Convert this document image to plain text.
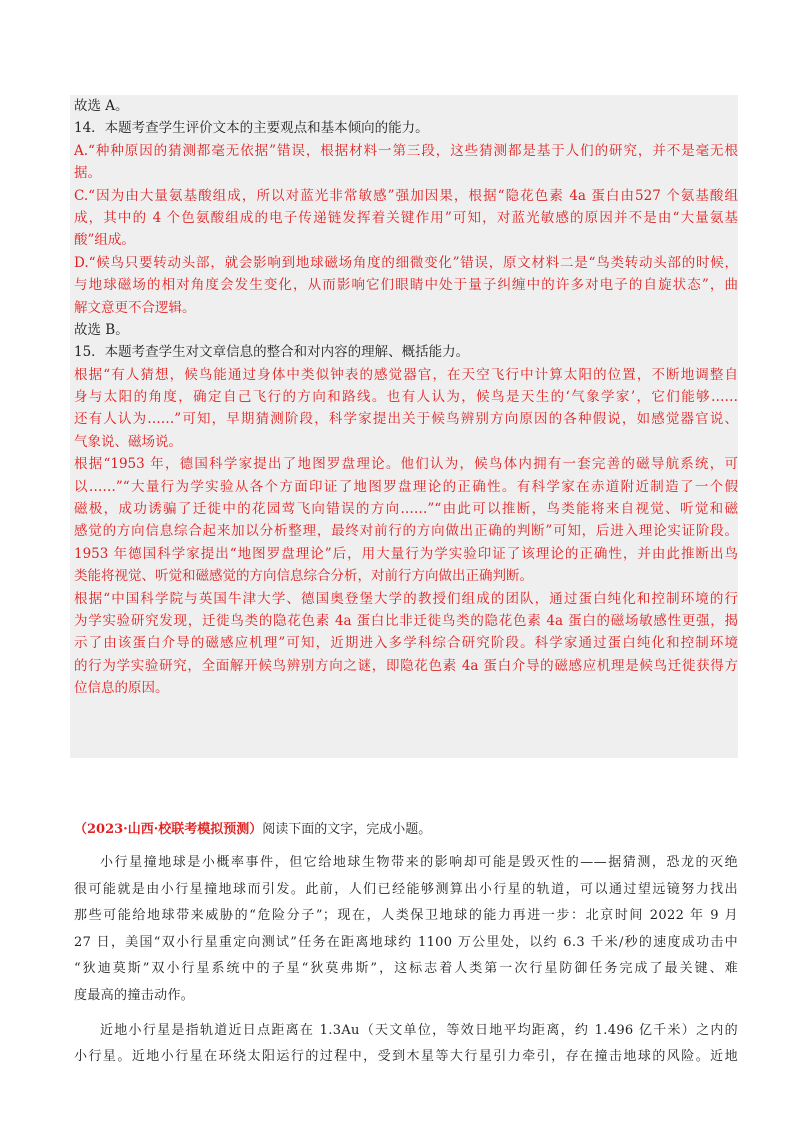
故选 A。
14．本题考查学生评价文本的主要观点和基本倾向的能力。
A.“种种原因的猜测都毫无依据”错误，根据材料一第三段，这些猜测都是基于人们的研究，并不是毫无根
据。
C.“因为由大量氨基酸组成，所以对蓝光非常敏感”强加因果，根据“隐花色素 4a 蛋白由527 个氨基酸组
成，其中的 4 个色氨酸组成的电子传递链发挥着关键作用”可知，对蓝光敏感的原因并不是由“大量氨基
酸”组成。
D.“候鸟只要转动头部，就会影响到地球磁场角度的细微变化”错误，原文材料二是“鸟类转动头部的时候，
与地球磁场的相对角度会发生变化，从而影响它们眼睛中处于量子纠缠中的许多对电子的自旋状态”，曲
解文意更不合逻辑。
故选 B。
15．本题考查学生对文章信息的整合和对内容的理解、概括能力。
根据“有人猜想，候鸟能通过身体中类似钟表的感觉器官，在天空飞行中计算太阳的位置，不断地调整自
身与太阳的角度，确定自己飞行的方向和路线。也有人认为，候鸟是天生的‘气象学家’，它们能够……
还有人认为……”可知，早期猜测阶段，科学家提出关于候鸟辨别方向原因的各种假说，如感觉器官说、
气象说、磁场说。
根据“1953 年，德国科学家提出了地图罗盘理论。他们认为，候鸟体内拥有一套完善的磁导航系统，可
以……”“大量行为学实验从各个方面印证了地图罗盘理论的正确性。有科学家在赤道附近制造了一个假
磁极，成功诱骗了迁徙中的花园莺飞向错误的方向……”“由此可以推断，鸟类能将来自视觉、听觉和磁
感觉的方向信息综合起来加以分析整理，最终对前行的方向做出正确的判断”可知，后进入理论实证阶段。
1953 年德国科学家提出“地图罗盘理论”后，用大量行为学实验印证了该理论的正确性，并由此推断出鸟
类能将视觉、听觉和磁感觉的方向信息综合分析，对前行方向做出正确判断。
根据“中国科学院与英国牛津大学、德国奥登堡大学的教授们组成的团队，通过蛋白纯化和控制环境的行
为学实验研究发现，迁徙鸟类的隐花色素 4a 蛋白比非迁徙鸟类的隐花色素 4a 蛋白的磁场敏感性更强，揭
示了由该蛋白介导的磁感应机理”可知，近期进入多学科综合研究阶段。科学家通过蛋白纯化和控制环境
的行为学实验研究，全面解开候鸟辨别方向之谜，即隐花色素 4a 蛋白介导的磁感应机理是候鸟迁徙获得方
位信息的原因。
（2023·山西·校联考模拟预测）阅读下面的文字，完成小题。
小行星撞地球是小概率事件，但它给地球生物带来的影响却可能是毁灭性的——据猜测，恐龙的灭绝
很可能就是由小行星撞地球而引发。此前，人们已经能够测算出小行星的轨道，可以通过望远镜努力找出
那些可能给地球带来威胁的“危险分子”；现在，人类保卫地球的能力再进一步：北京时间 2022 年 9 月
27 日，美国“双小行星重定向测试”任务在距离地球约 1100 万公里处，以约 6.3 千米/秒的速度成功击中
“狄迪莫斯”双小行星系统中的子星“狄莫弗斯”，这标志着人类第一次行星防御任务完成了最关键、难
度最高的撞击动作。
近地小行星是指轨道近日点距离在 1.3Au（天文单位，等效日地平均距离，约 1.496 亿千米）之内的
小行星。近地小行星在环绕太阳运行的过程中，受到木星等大行星引力牵引，存在撞击地球的风险。近地
